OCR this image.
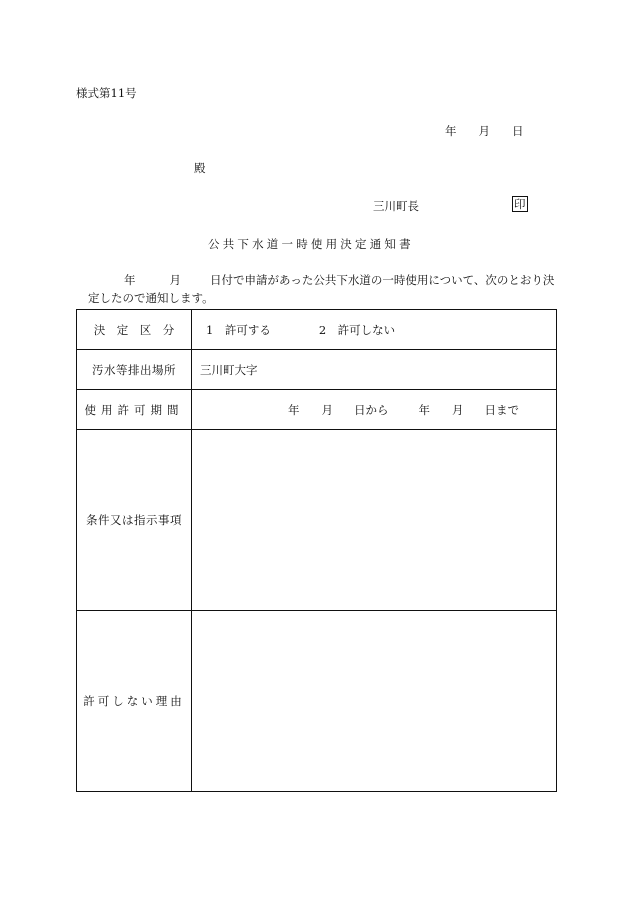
様式第11号
年 月 日
殿
三川町長	印
公共下水道一時使用決定通知書
年	月	日付で申請があった公共下水道の一時使用について、次のとおり決定したので通知します。
決　定　区　分	1　許可する 2　許可しない
汚水等排出場所	三川町大字
使用許可期間	年 月 日から 年 月 日まで
条件又は指示事項	
許可しない理由	
